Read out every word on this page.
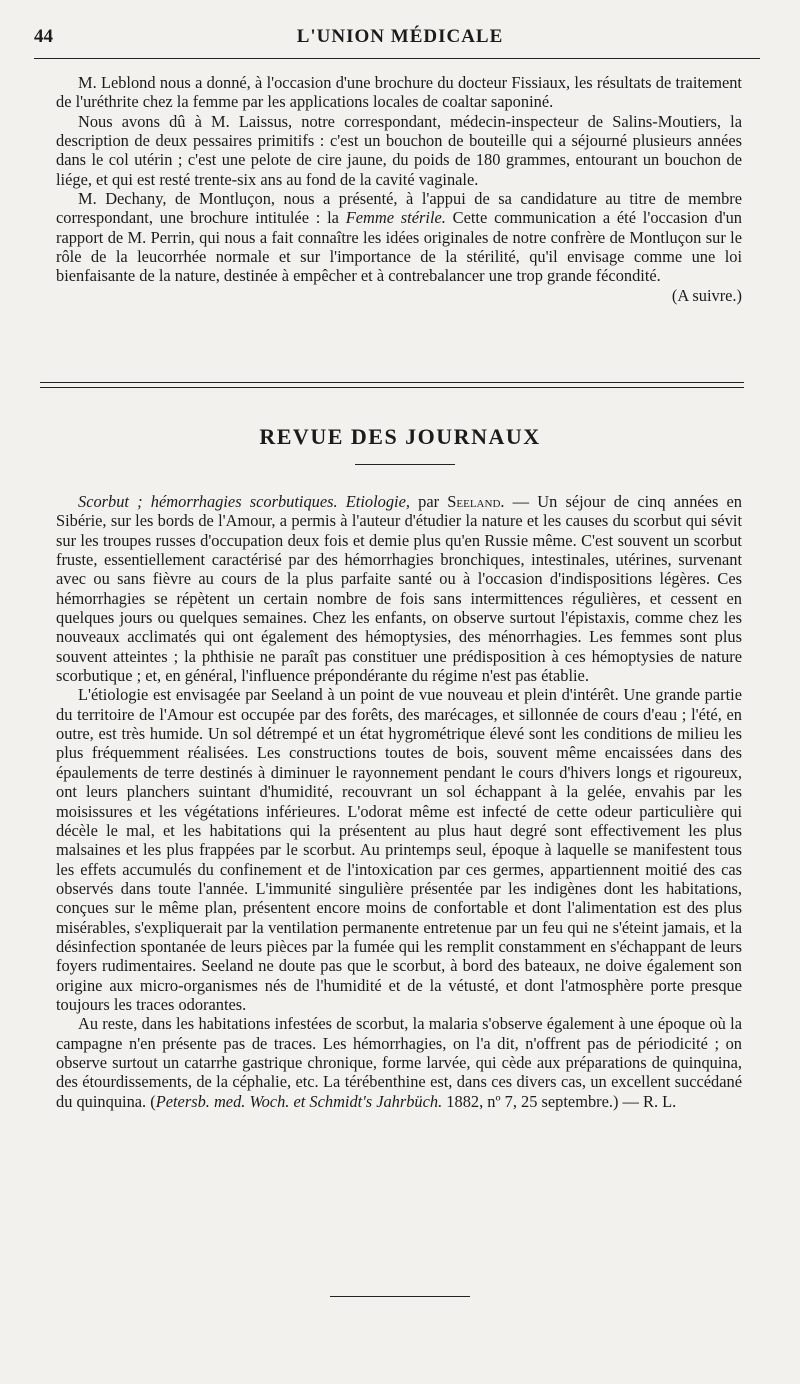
44	L'UNION MÉDICALE

M. Leblond nous a donné, à l'occasion d'une brochure du docteur Fissiaux, les résultats de traitement de l'uréthrite chez la femme par les applications locales de coaltar saponiné.

Nous avons dû à M. Laissus, notre correspondant, médecin-inspecteur de Salins-Moutiers, la description de deux pessaires primitifs : c'est un bouchon de bouteille qui a séjourné plusieurs années dans le col utérin ; c'est une pelote de cire jaune, du poids de 180 grammes, entourant un bouchon de liége, et qui est resté trente-six ans au fond de la cavité vaginale.

M. Dechany, de Montluçon, nous a présenté, à l'appui de sa candidature au titre de membre correspondant, une brochure intitulée : la Femme stérile. Cette communication a été l'occasion d'un rapport de M. Perrin, qui nous a fait connaître les idées originales de notre confrère de Montluçon sur le rôle de la leucorrhée normale et sur l'importance de la stérilité, qu'il envisage comme une loi bienfaisante de la nature, destinée à empêcher et à contrebalancer une trop grande fécondité.

(A suivre.)

REVUE DES JOURNAUX

Scorbut ; hémorrhagies scorbutiques. Etiologie, par Seeland. — Un séjour de cinq années en Sibérie, sur les bords de l'Amour, a permis à l'auteur d'étudier la nature et les causes du scorbut qui sévit sur les troupes russes d'occupation deux fois et demie plus qu'en Russie même. C'est souvent un scorbut fruste, essentiellement caractérisé par des hémorrhagies bronchiques, intestinales, utérines, survenant avec ou sans fièvre au cours de la plus parfaite santé ou à l'occasion d'indispositions légères. Ces hémorrhagies se répètent un certain nombre de fois sans intermittences régulières, et cessent en quelques jours ou quelques semaines. Chez les enfants, on observe surtout l'épistaxis, comme chez les nouveaux acclimatés qui ont également des hémoptysies, des ménorrhagies. Les femmes sont plus souvent atteintes ; la phthisie ne paraît pas constituer une prédisposition à ces hémoptysies de nature scorbutique ; et, en général, l'influence prépondérante du régime n'est pas établie.

L'étiologie est envisagée par Seeland à un point de vue nouveau et plein d'intérêt. Une grande partie du territoire de l'Amour est occupée par des forêts, des marécages, et sillonnée de cours d'eau ; l'été, en outre, est très humide. Un sol détrempé et un état hygrométrique élevé sont les conditions de milieu les plus fréquemment réalisées. Les constructions toutes de bois, souvent même encaissées dans des épaulements de terre destinés à diminuer le rayonnement pendant le cours d'hivers longs et rigoureux, ont leurs planchers suintant d'humidité, recouvrant un sol échappant à la gelée, envahis par les moisissures et les végétations inférieures. L'odorat même est infecté de cette odeur particulière qui décèle le mal, et les habitations qui la présentent au plus haut degré sont effectivement les plus malsaines et les plus frappées par le scorbut. Au printemps seul, époque à laquelle se manifestent tous les effets accumulés du confinement et de l'intoxication par ces germes, appartiennent moitié des cas observés dans toute l'année. L'immunité singulière présentée par les indigènes dont les habitations, conçues sur le même plan, présentent encore moins de confortable et dont l'alimentation est des plus misérables, s'expliquerait par la ventilation permanente entretenue par un feu qui ne s'éteint jamais, et la désinfection spontanée de leurs pièces par la fumée qui les remplit constamment en s'échappant de leurs foyers rudimentaires. Seeland ne doute pas que le scorbut, à bord des bateaux, ne doive également son origine aux micro-organismes nés de l'humidité et de la vétusté, et dont l'atmosphère porte presque toujours les traces odorantes.

Au reste, dans les habitations infestées de scorbut, la malaria s'observe également à une époque où la campagne n'en présente pas de traces. Les hémorrhagies, on l'a dit, n'offrent pas de périodicité ; on observe surtout un catarrhe gastrique chronique, forme larvée, qui cède aux préparations de quinquina, des étourdissements, de la céphalie, etc. La térébenthine est, dans ces divers cas, un excellent succédané du quinquina. (Petersb. med. Woch. et Schmidt's Jahrbüch. 1882, nº 7, 25 septembre.) — R. L.
